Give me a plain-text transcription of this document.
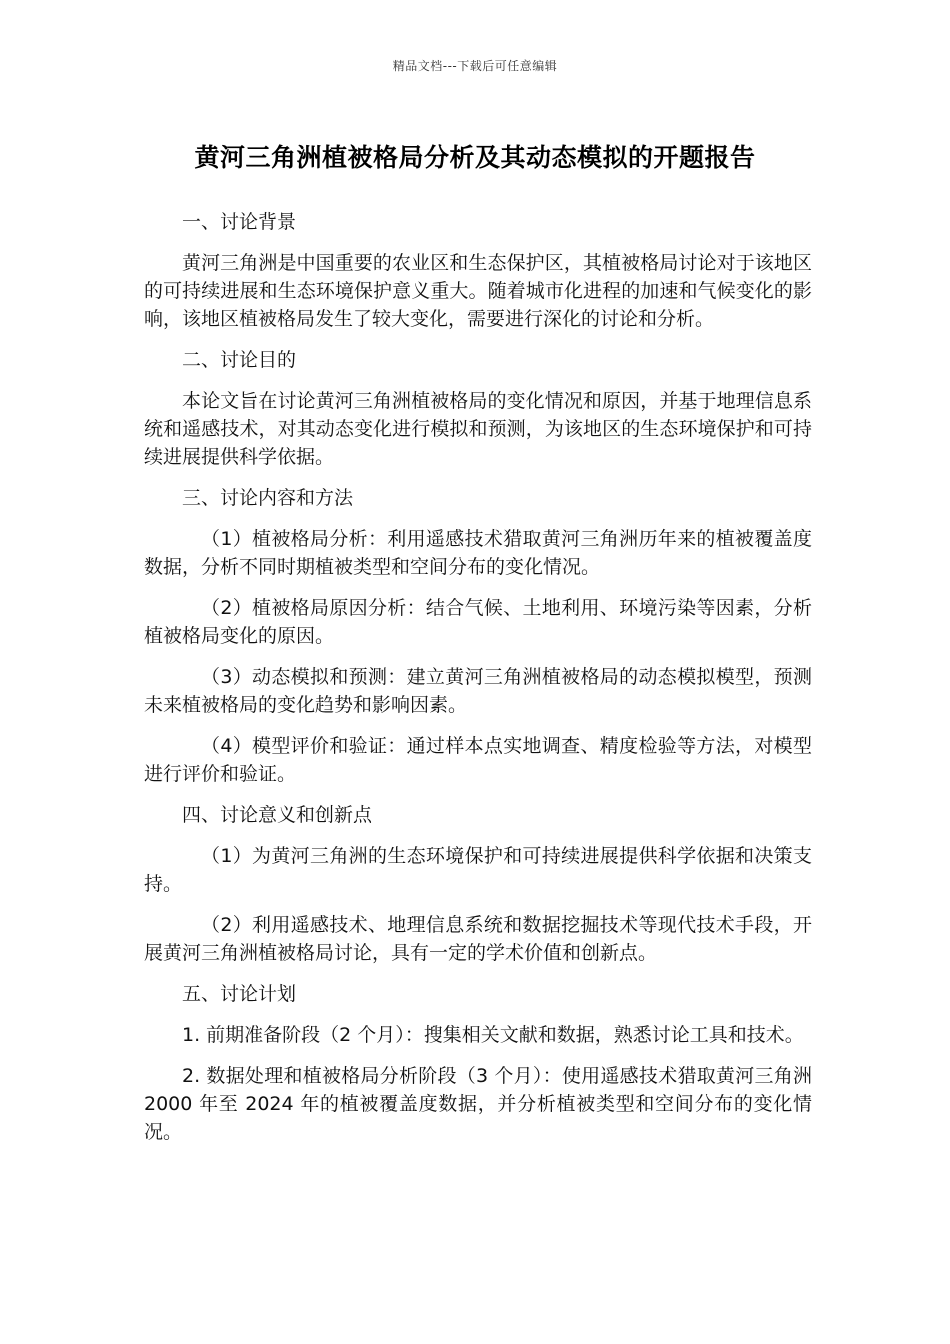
精品文档---下载后可任意编辑
黄河三角洲植被格局分析及其动态模拟的开题报告
一、讨论背景
黄河三角洲是中国重要的农业区和生态保护区，其植被格局讨论对于该地区的可持续进展和生态环境保护意义重大。随着城市化进程的加速和气候变化的影响，该地区植被格局发生了较大变化，需要进行深化的讨论和分析。
二、讨论目的
本论文旨在讨论黄河三角洲植被格局的变化情况和原因，并基于地理信息系统和遥感技术，对其动态变化进行模拟和预测，为该地区的生态环境保护和可持续进展提供科学依据。
三、讨论内容和方法
（1）植被格局分析：利用遥感技术猎取黄河三角洲历年来的植被覆盖度数据，分析不同时期植被类型和空间分布的变化情况。
（2）植被格局原因分析：结合气候、土地利用、环境污染等因素，分析植被格局变化的原因。
（3）动态模拟和预测：建立黄河三角洲植被格局的动态模拟模型，预测未来植被格局的变化趋势和影响因素。
（4）模型评价和验证：通过样本点实地调查、精度检验等方法，对模型进行评价和验证。
四、讨论意义和创新点
（1）为黄河三角洲的生态环境保护和可持续进展提供科学依据和决策支持。
（2）利用遥感技术、地理信息系统和数据挖掘技术等现代技术手段，开展黄河三角洲植被格局讨论，具有一定的学术价值和创新点。
五、讨论计划
1. 前期准备阶段（2 个月）：搜集相关文献和数据，熟悉讨论工具和技术。
2. 数据处理和植被格局分析阶段（3 个月）：使用遥感技术猎取黄河三角洲 2000 年至 2024 年的植被覆盖度数据，并分析植被类型和空间分布的变化情况。
